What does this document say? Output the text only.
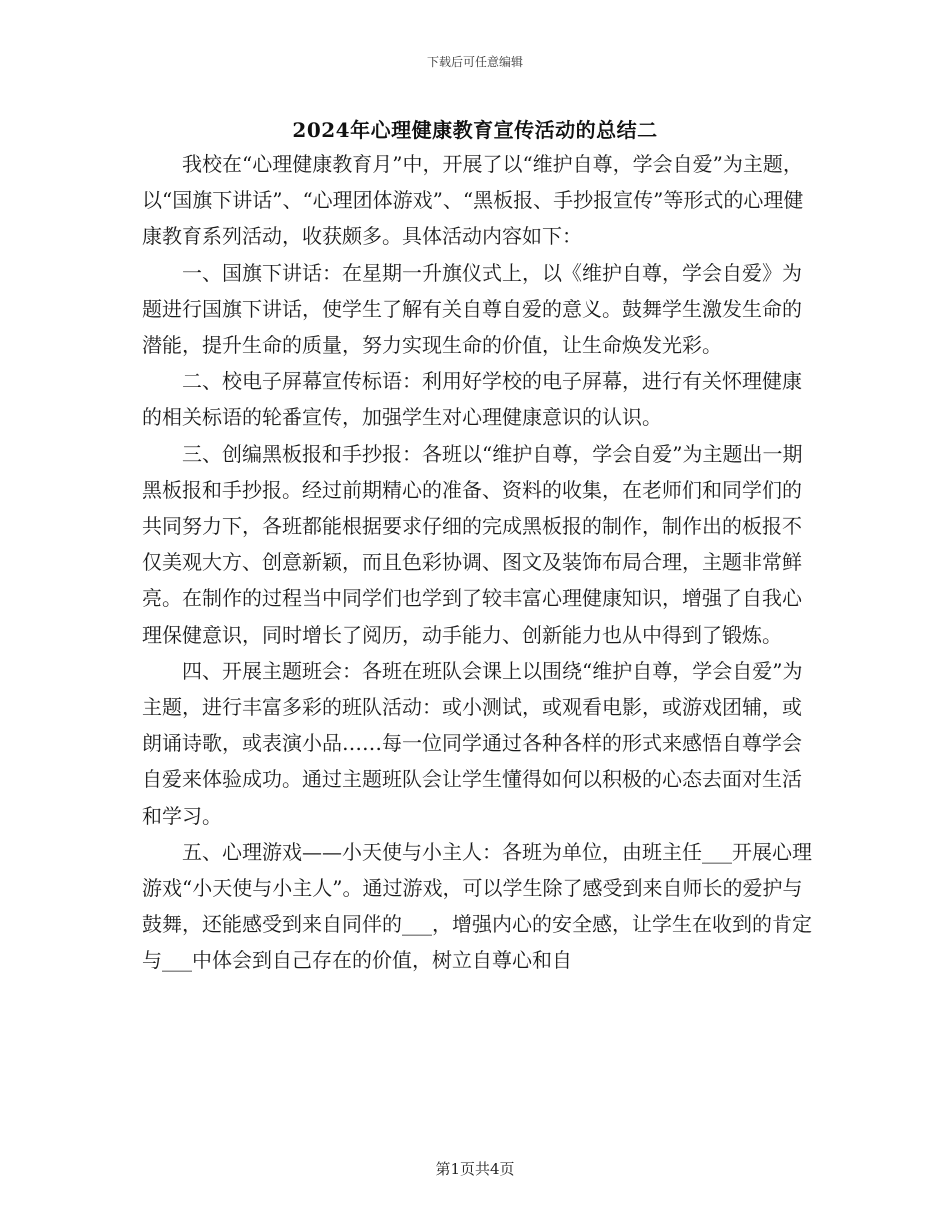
下载后可任意编辑
2024年心理健康教育宣传活动的总结二

我校在“心理健康教育月”中，开展了以“维护自尊，学会自爱”为主题，以“国旗下讲话”、“心理团体游戏”、“黑板报、手抄报宣传”等形式的心理健康教育系列活动，收获颇多。具体活动内容如下：

一、国旗下讲话：在星期一升旗仪式上，以《维护自尊，学会自爱》为题进行国旗下讲话，使学生了解有关自尊自爱的意义。鼓舞学生激发生命的潜能，提升生命的质量，努力实现生命的价值，让生命焕发光彩。

二、校电子屏幕宣传标语：利用好学校的电子屏幕，进行有关怀理健康的相关标语的轮番宣传，加强学生对心理健康意识的认识。

三、创编黑板报和手抄报：各班以“维护自尊，学会自爱”为主题出一期黑板报和手抄报。经过前期精心的准备、资料的收集，在老师们和同学们的共同努力下，各班都能根据要求仔细的完成黑板报的制作，制作出的板报不仅美观大方、创意新颖，而且色彩协调、图文及装饰布局合理，主题非常鲜亮。在制作的过程当中同学们也学到了较丰富心理健康知识，增强了自我心理保健意识，同时增长了阅历，动手能力、创新能力也从中得到了锻炼。

四、开展主题班会：各班在班队会课上以围绕“维护自尊，学会自爱”为主题，进行丰富多彩的班队活动：或小测试，或观看电影，或游戏团辅，或朗诵诗歌，或表演小品……每一位同学通过各种各样的形式来感悟自尊学会自爱来体验成功。通过主题班队会让学生懂得如何以积极的心态去面对生活和学习。

五、心理游戏——小天使与小主人：各班为单位，由班主任___开展心理游戏“小天使与小主人”。通过游戏，可以学生除了感受到来自师长的爱护与鼓舞，还能感受到来自同伴的___，增强内心的安全感，让学生在收到的肯定与___中体会到自己存在的价值，树立自尊心和自

第1页共4页
